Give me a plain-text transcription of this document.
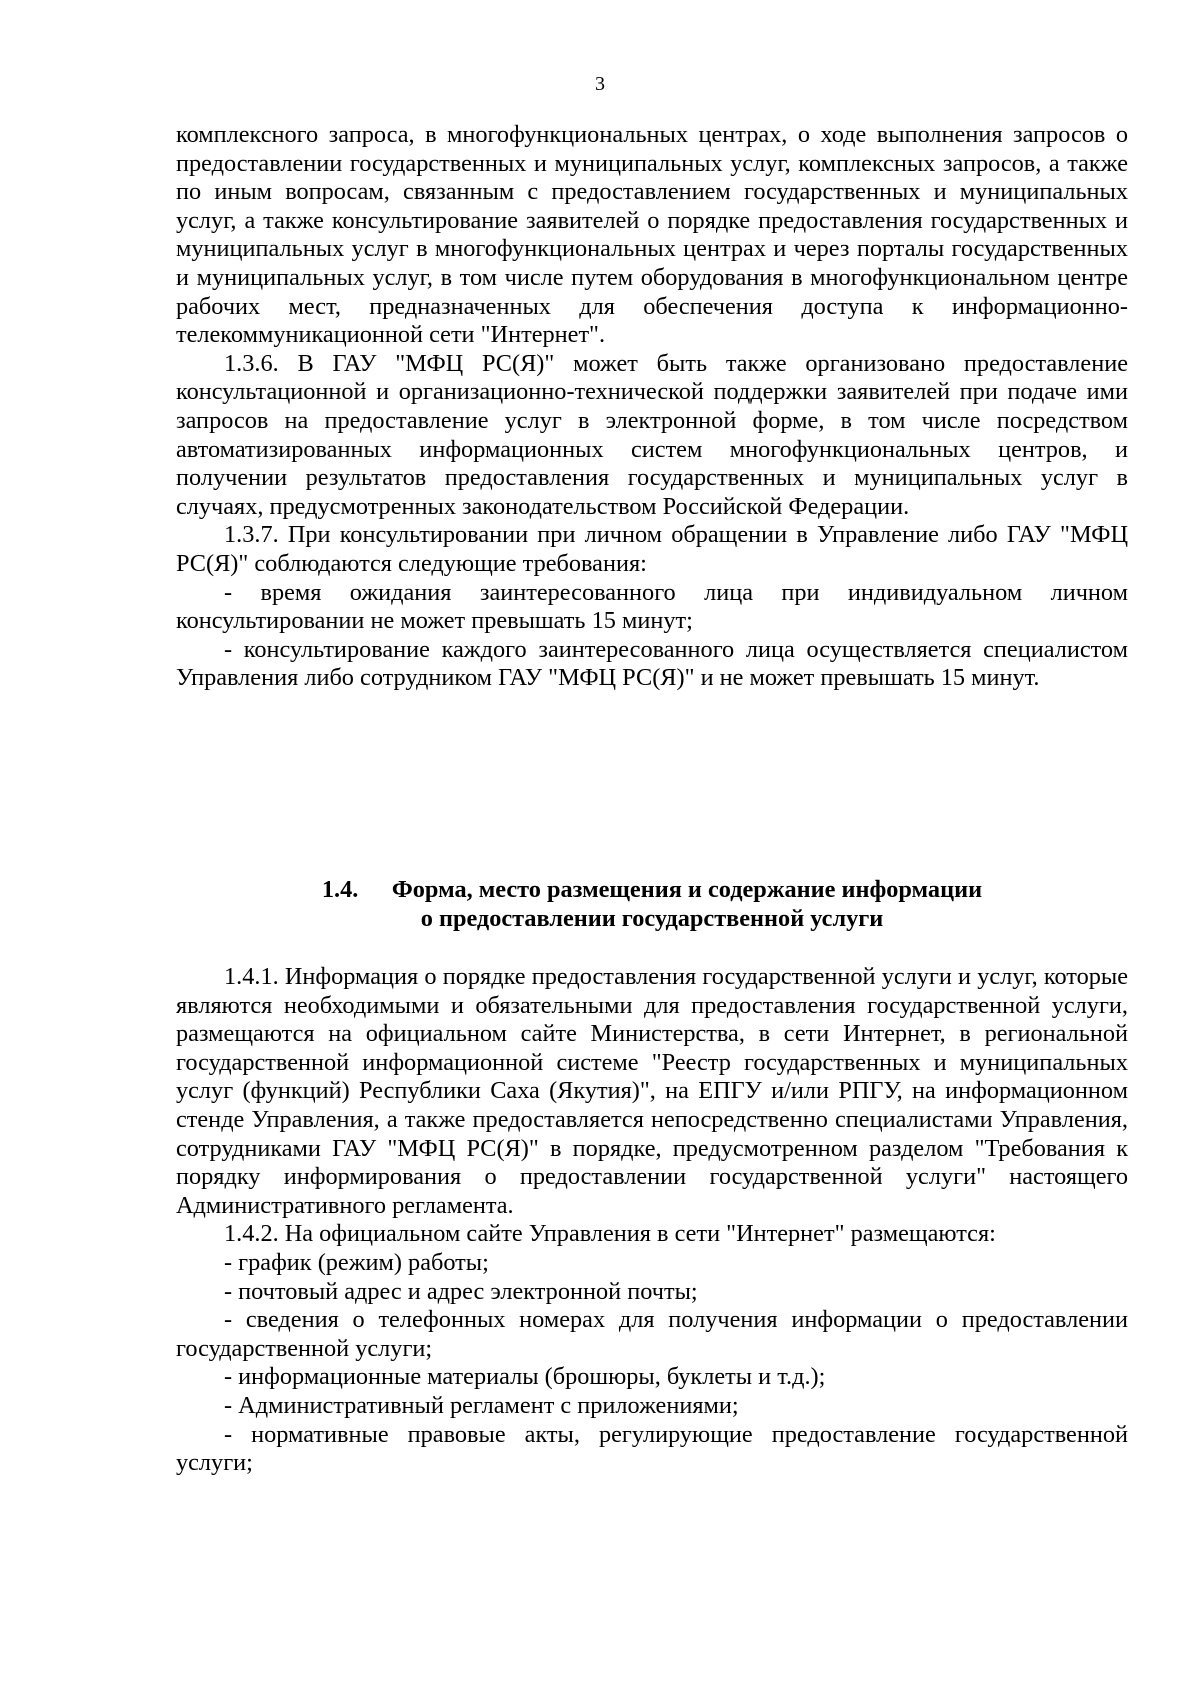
3

комплексного запроса, в многофункциональных центрах, о ходе выполнения запросов о предоставлении государственных и муниципальных услуг, комплексных запросов, а также по иным вопросам, связанным с предоставлением государственных и муниципальных услуг, а также консультирование заявителей о порядке предоставления государственных и муниципальных услуг в многофункциональных центрах и через порталы государственных и муниципальных услуг, в том числе путем оборудования в многофункциональном центре рабочих мест, предназначенных для обеспечения доступа к информационно-телекоммуникационной сети "Интернет".

1.3.6. В ГАУ "МФЦ РС(Я)" может быть также организовано предоставление консультационной и организационно-технической поддержки заявителей при подаче ими запросов на предоставление услуг в электронной форме, в том числе посредством автоматизированных информационных систем многофункциональных центров, и получении результатов предоставления государственных и муниципальных услуг в случаях, предусмотренных законодательством Российской Федерации.

1.3.7. При консультировании при личном обращении в Управление либо ГАУ "МФЦ РС(Я)" соблюдаются следующие требования:

- время ожидания заинтересованного лица при индивидуальном личном консультировании не может превышать 15 минут;

- консультирование каждого заинтересованного лица осуществляется специалистом Управления либо сотрудником ГАУ "МФЦ РС(Я)" и не может превышать 15 минут.

1.4. Форма, место размещения и содержание информации
о предоставлении государственной услуги

1.4.1. Информация о порядке предоставления государственной услуги и услуг, которые являются необходимыми и обязательными для предоставления государственной услуги, размещаются на официальном сайте Министерства, в сети Интернет, в региональной государственной информационной системе "Реестр государственных и муниципальных услуг (функций) Республики Саха (Якутия)", на ЕПГУ и/или РПГУ, на информационном стенде Управления, а также предоставляется непосредственно специалистами Управления, сотрудниками ГАУ "МФЦ РС(Я)" в порядке, предусмотренном разделом "Требования к порядку информирования о предоставлении государственной услуги" настоящего Административного регламента.

1.4.2. На официальном сайте Управления в сети "Интернет" размещаются:

- график (режим) работы;

- почтовый адрес и адрес электронной почты;

- сведения о телефонных номерах для получения информации о предоставлении государственной услуги;

- информационные материалы (брошюры, буклеты и т.д.);

- Административный регламент с приложениями;

- нормативные правовые акты, регулирующие предоставление государственной услуги;
